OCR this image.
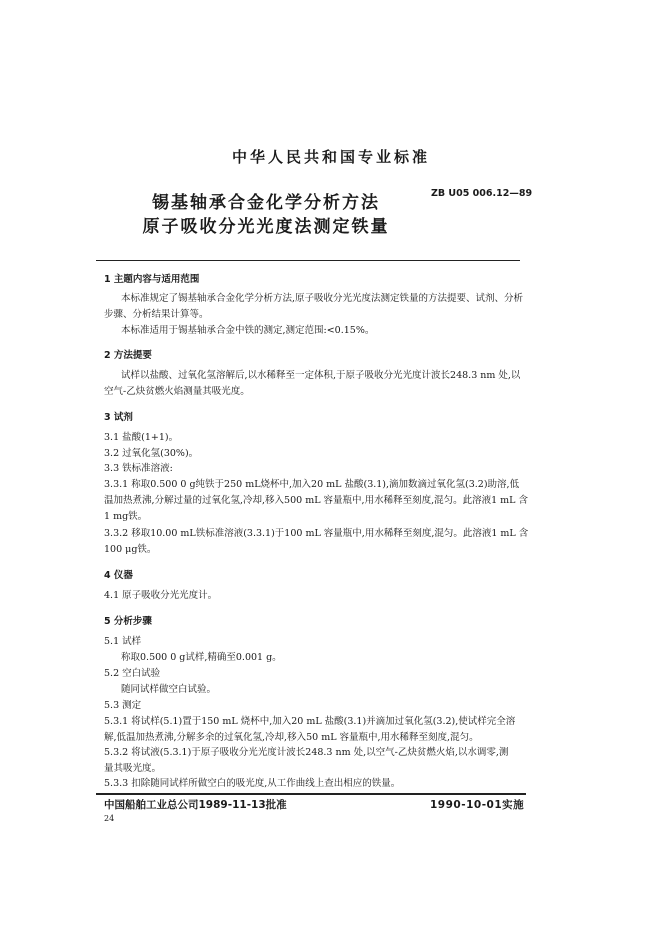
中华人民共和国专业标准
锡基轴承合金化学分析方法
原子吸收分光光度法测定铁量
ZB U05 006.12—89
1 主题内容与适用范围
本标准规定了锡基轴承合金化学分析方法,原子吸收分光光度法测定铁量的方法提要、试剂、分析
步骤、分析结果计算等。
本标准适用于锡基轴承合金中铁的测定,测定范围:<0.15%。
2 方法提要
试样以盐酸、过氧化氢溶解后,以水稀释至一定体积,于原子吸收分光光度计波长248.3 nm 处,以
空气-乙炔贫燃火焰测量其吸光度。
3 试剂
3.1 盐酸(1+1)。
3.2 过氧化氢(30%)。
3.3 铁标准溶液:
3.3.1 称取0.500 0 g纯铁于250 mL烧杯中,加入20 mL 盐酸(3.1),滴加数滴过氧化氢(3.2)助溶,低
温加热煮沸,分解过量的过氧化氢,冷却,移入500 mL 容量瓶中,用水稀释至刻度,混匀。此溶液1 mL 含
1 mg铁。
3.3.2 移取10.00 mL铁标准溶液(3.3.1)于100 mL 容量瓶中,用水稀释至刻度,混匀。此溶液1 mL 含
100 μg铁。
4 仪器
4.1 原子吸收分光光度计。
5 分析步骤
5.1 试样
称取0.500 0 g试样,精确至0.001 g。
5.2 空白试验
随同试样做空白试验。
5.3 测定
5.3.1 将试样(5.1)置于150 mL 烧杯中,加入20 mL 盐酸(3.1)并滴加过氧化氢(3.2),使试样完全溶
解,低温加热煮沸,分解多余的过氧化氢,冷却,移入50 mL 容量瓶中,用水稀释至刻度,混匀。
5.3.2 将试液(5.3.1)于原子吸收分光光度计波长248.3 nm 处,以空气-乙炔贫燃火焰,以水调零,测
量其吸光度。
5.3.3 扣除随同试样所做空白的吸光度,从工作曲线上查出相应的铁量。
中国船舶工业总公司1989-11-13批准	1990-10-01实施
24
